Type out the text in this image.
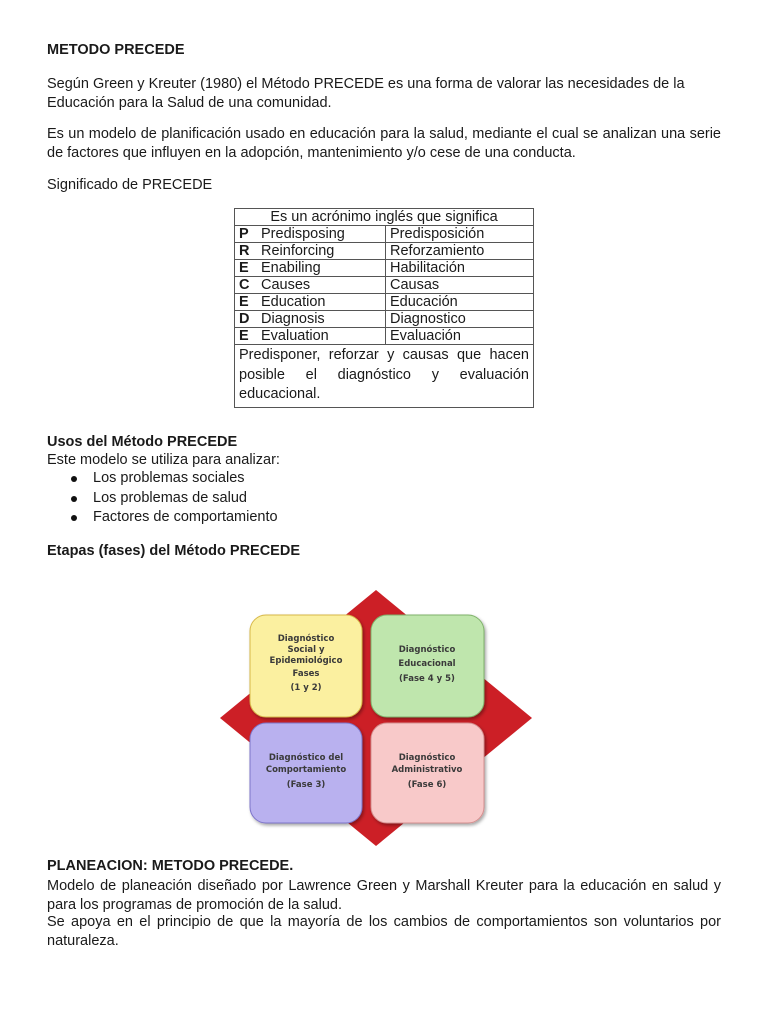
METODO PRECEDE

Según Green y Kreuter (1980) el Método PRECEDE es una forma de valorar las necesidades de la Educación para la Salud de una comunidad.

Es un modelo de planificación usado en educación para la salud, mediante el cual se analizan una serie de factores que influyen en la adopción, mantenimiento y/o cese de una conducta.

Significado de PRECEDE

Es un acrónimo inglés que significa	
P Predisposing	Predisposición
R Reinforcing	Reforzamiento
E Enabiling	Habilitación
C Causes	Causas
E Education	Educación
D Diagnosis	Diagnostico
E Evaluation	Evaluación
Predisponer, reforzar y causas que hacen posible el diagnóstico y evaluación educacional.	
Usos del Método PRECEDE
Este modelo se utiliza para analizar:
Los problemas sociales
Los problemas de salud
Factores de comportamiento
Etapas (fases) del Método PRECEDE
Diagnóstico
Social y
Epidemiológico
Fases
(1 y 2)
Diagnóstico
Educacional
(Fase 4 y 5)
Diagnóstico del
Comportamiento
(Fase 3)
Diagnóstico
Administrativo
(Fase 6)
PLANEACION: METODO PRECEDE.

Modelo de planeación diseñado por Lawrence Green y Marshall Kreuter para la educación en salud y para los programas de promoción de la salud.

Se apoya en el principio de que la mayoría de los cambios de comportamientos son voluntarios por naturaleza.
